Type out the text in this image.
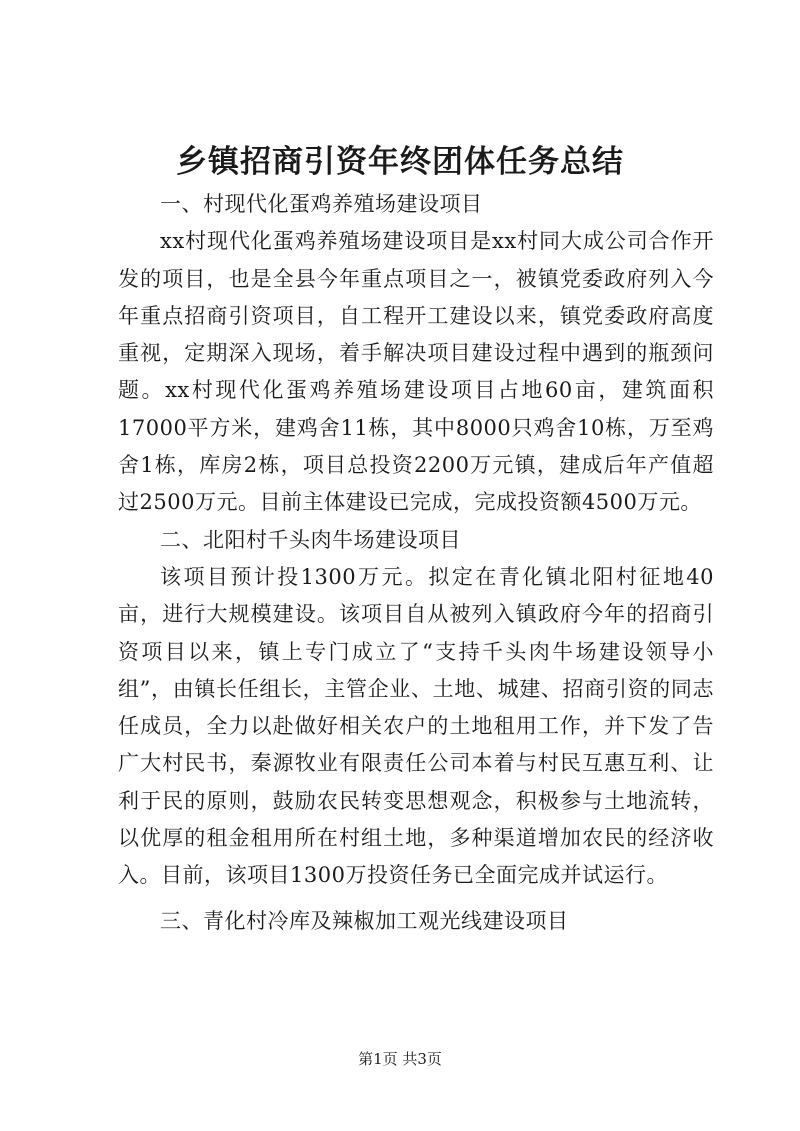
乡镇招商引资年终团体任务总结

一、村现代化蛋鸡养殖场建设项目

xx村现代化蛋鸡养殖场建设项目是xx村同大成公司合作开发的项目，也是全县今年重点项目之一，被镇党委政府列入今年重点招商引资项目，自工程开工建设以来，镇党委政府高度重视，定期深入现场，着手解决项目建设过程中遇到的瓶颈问题。xx村现代化蛋鸡养殖场建设项目占地60亩，建筑面积17000平方米，建鸡舍11栋，其中8000只鸡舍10栋，万至鸡舍1栋，库房2栋，项目总投资2200万元镇，建成后年产值超过2500万元。目前主体建设已完成，完成投资额4500万元。

二、北阳村千头肉牛场建设项目

该项目预计投1300万元。拟定在青化镇北阳村征地40亩，进行大规模建设。该项目自从被列入镇政府今年的招商引资项目以来，镇上专门成立了“支持千头肉牛场建设领导小组”，由镇长任组长，主管企业、土地、城建、招商引资的同志任成员，全力以赴做好相关农户的土地租用工作，并下发了告广大村民书，秦源牧业有限责任公司本着与村民互惠互利、让利于民的原则，鼓励农民转变思想观念，积极参与土地流转，以优厚的租金租用所在村组土地，多种渠道增加农民的经济收入。目前，该项目1300万投资任务已全面完成并试运行。

三、青化村冷库及辣椒加工观光线建设项目

第1页 共3页
